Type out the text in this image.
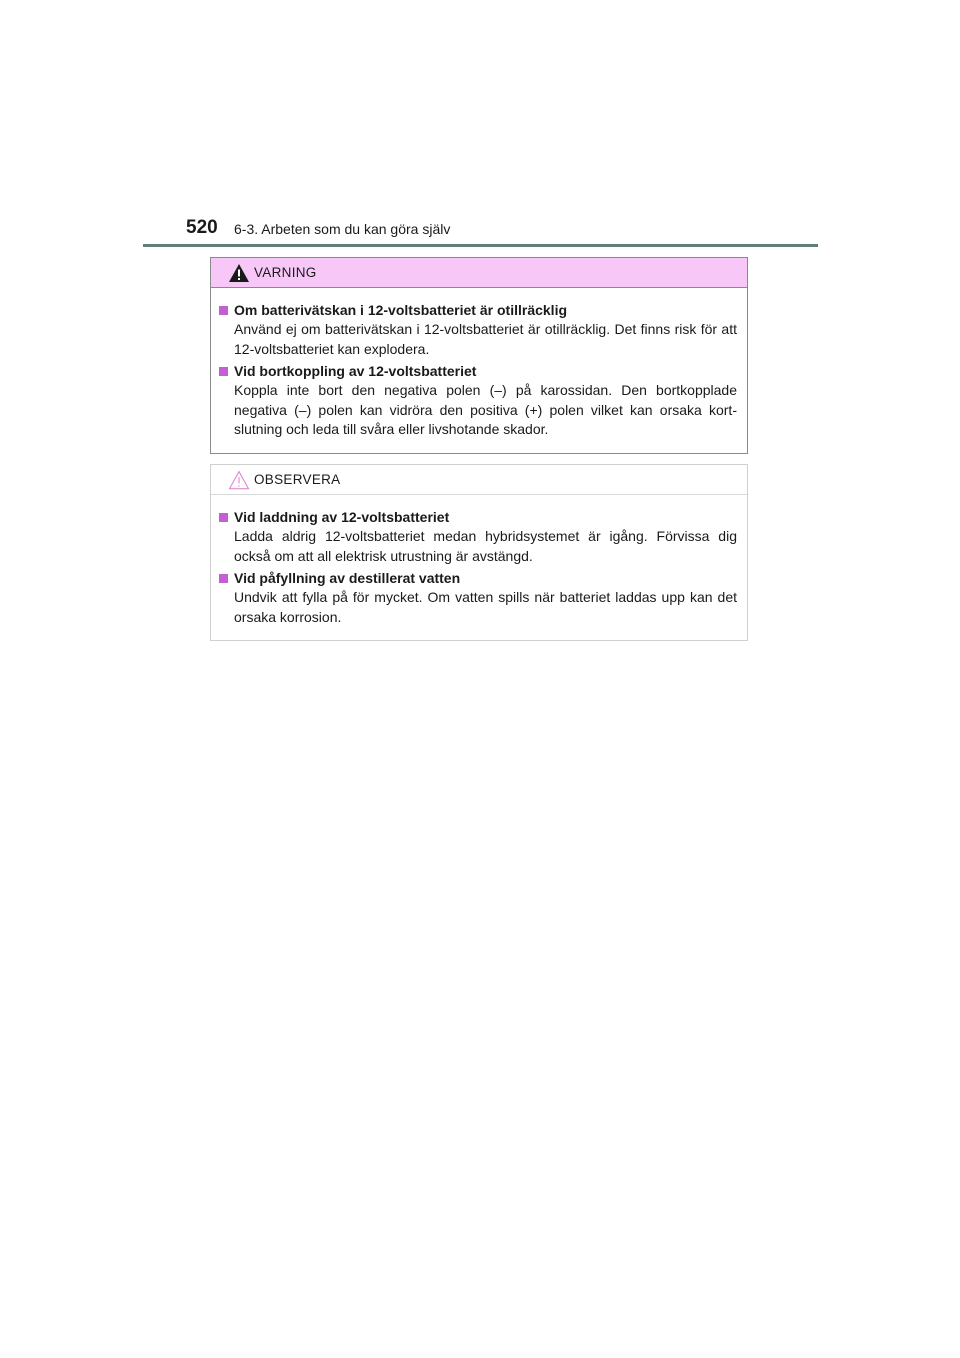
520 6-3. Arbeten som du kan göra själv
VARNING
Om batterivätskan i 12-voltsbatteriet är otillräcklig
Använd ej om batterivätskan i 12-voltsbatteriet är otillräcklig. Det finns risk för att 12-voltsbatteriet kan explodera.
Vid bortkoppling av 12-voltsbatteriet
Koppla inte bort den negativa polen (–) på karossidan. Den bortkopplade negativa (–) polen kan vidröra den positiva (+) polen vilket kan orsaka kort-slutning och leda till svåra eller livshotande skador.
OBSERVERA
Vid laddning av 12-voltsbatteriet
Ladda aldrig 12-voltsbatteriet medan hybridsystemet är igång. Förvissa dig också om att all elektrisk utrustning är avstängd.
Vid påfyllning av destillerat vatten
Undvik att fylla på för mycket. Om vatten spills när batteriet laddas upp kan det orsaka korrosion.
